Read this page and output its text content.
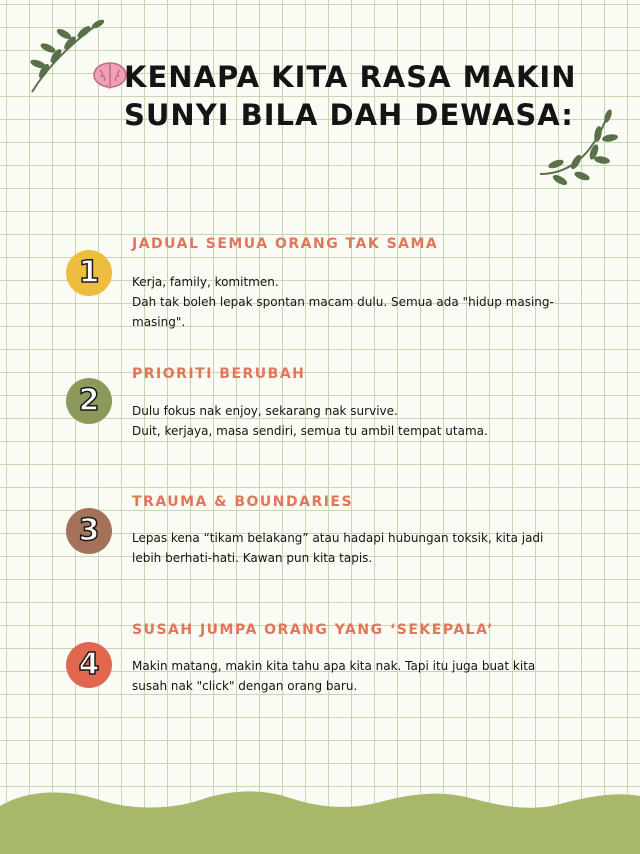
KENAPA KITA RASA MAKIN SUNYI BILA DAH DEWASA:
1
JADUAL SEMUA ORANG TAK SAMA

Kerja, family, komitmen.
Dah tak boleh lepak spontan macam dulu. Semua ada "hidup masing-masing".

2
PRIORITI BERUBAH

Dulu fokus nak enjoy, sekarang nak survive.
Duit, kerjaya, masa sendiri, semua tu ambil tempat utama.

3
TRAUMA & BOUNDARIES

Lepas kena “tikam belakang” atau hadapi hubungan toksik, kita jadi
lebih berhati-hati. Kawan pun kita tapis.

4
SUSAH JUMPA ORANG YANG ‘SEKEPALA’

Makin matang, makin kita tahu apa kita nak. Tapi itu juga buat kita
susah nak "click" dengan orang baru.
